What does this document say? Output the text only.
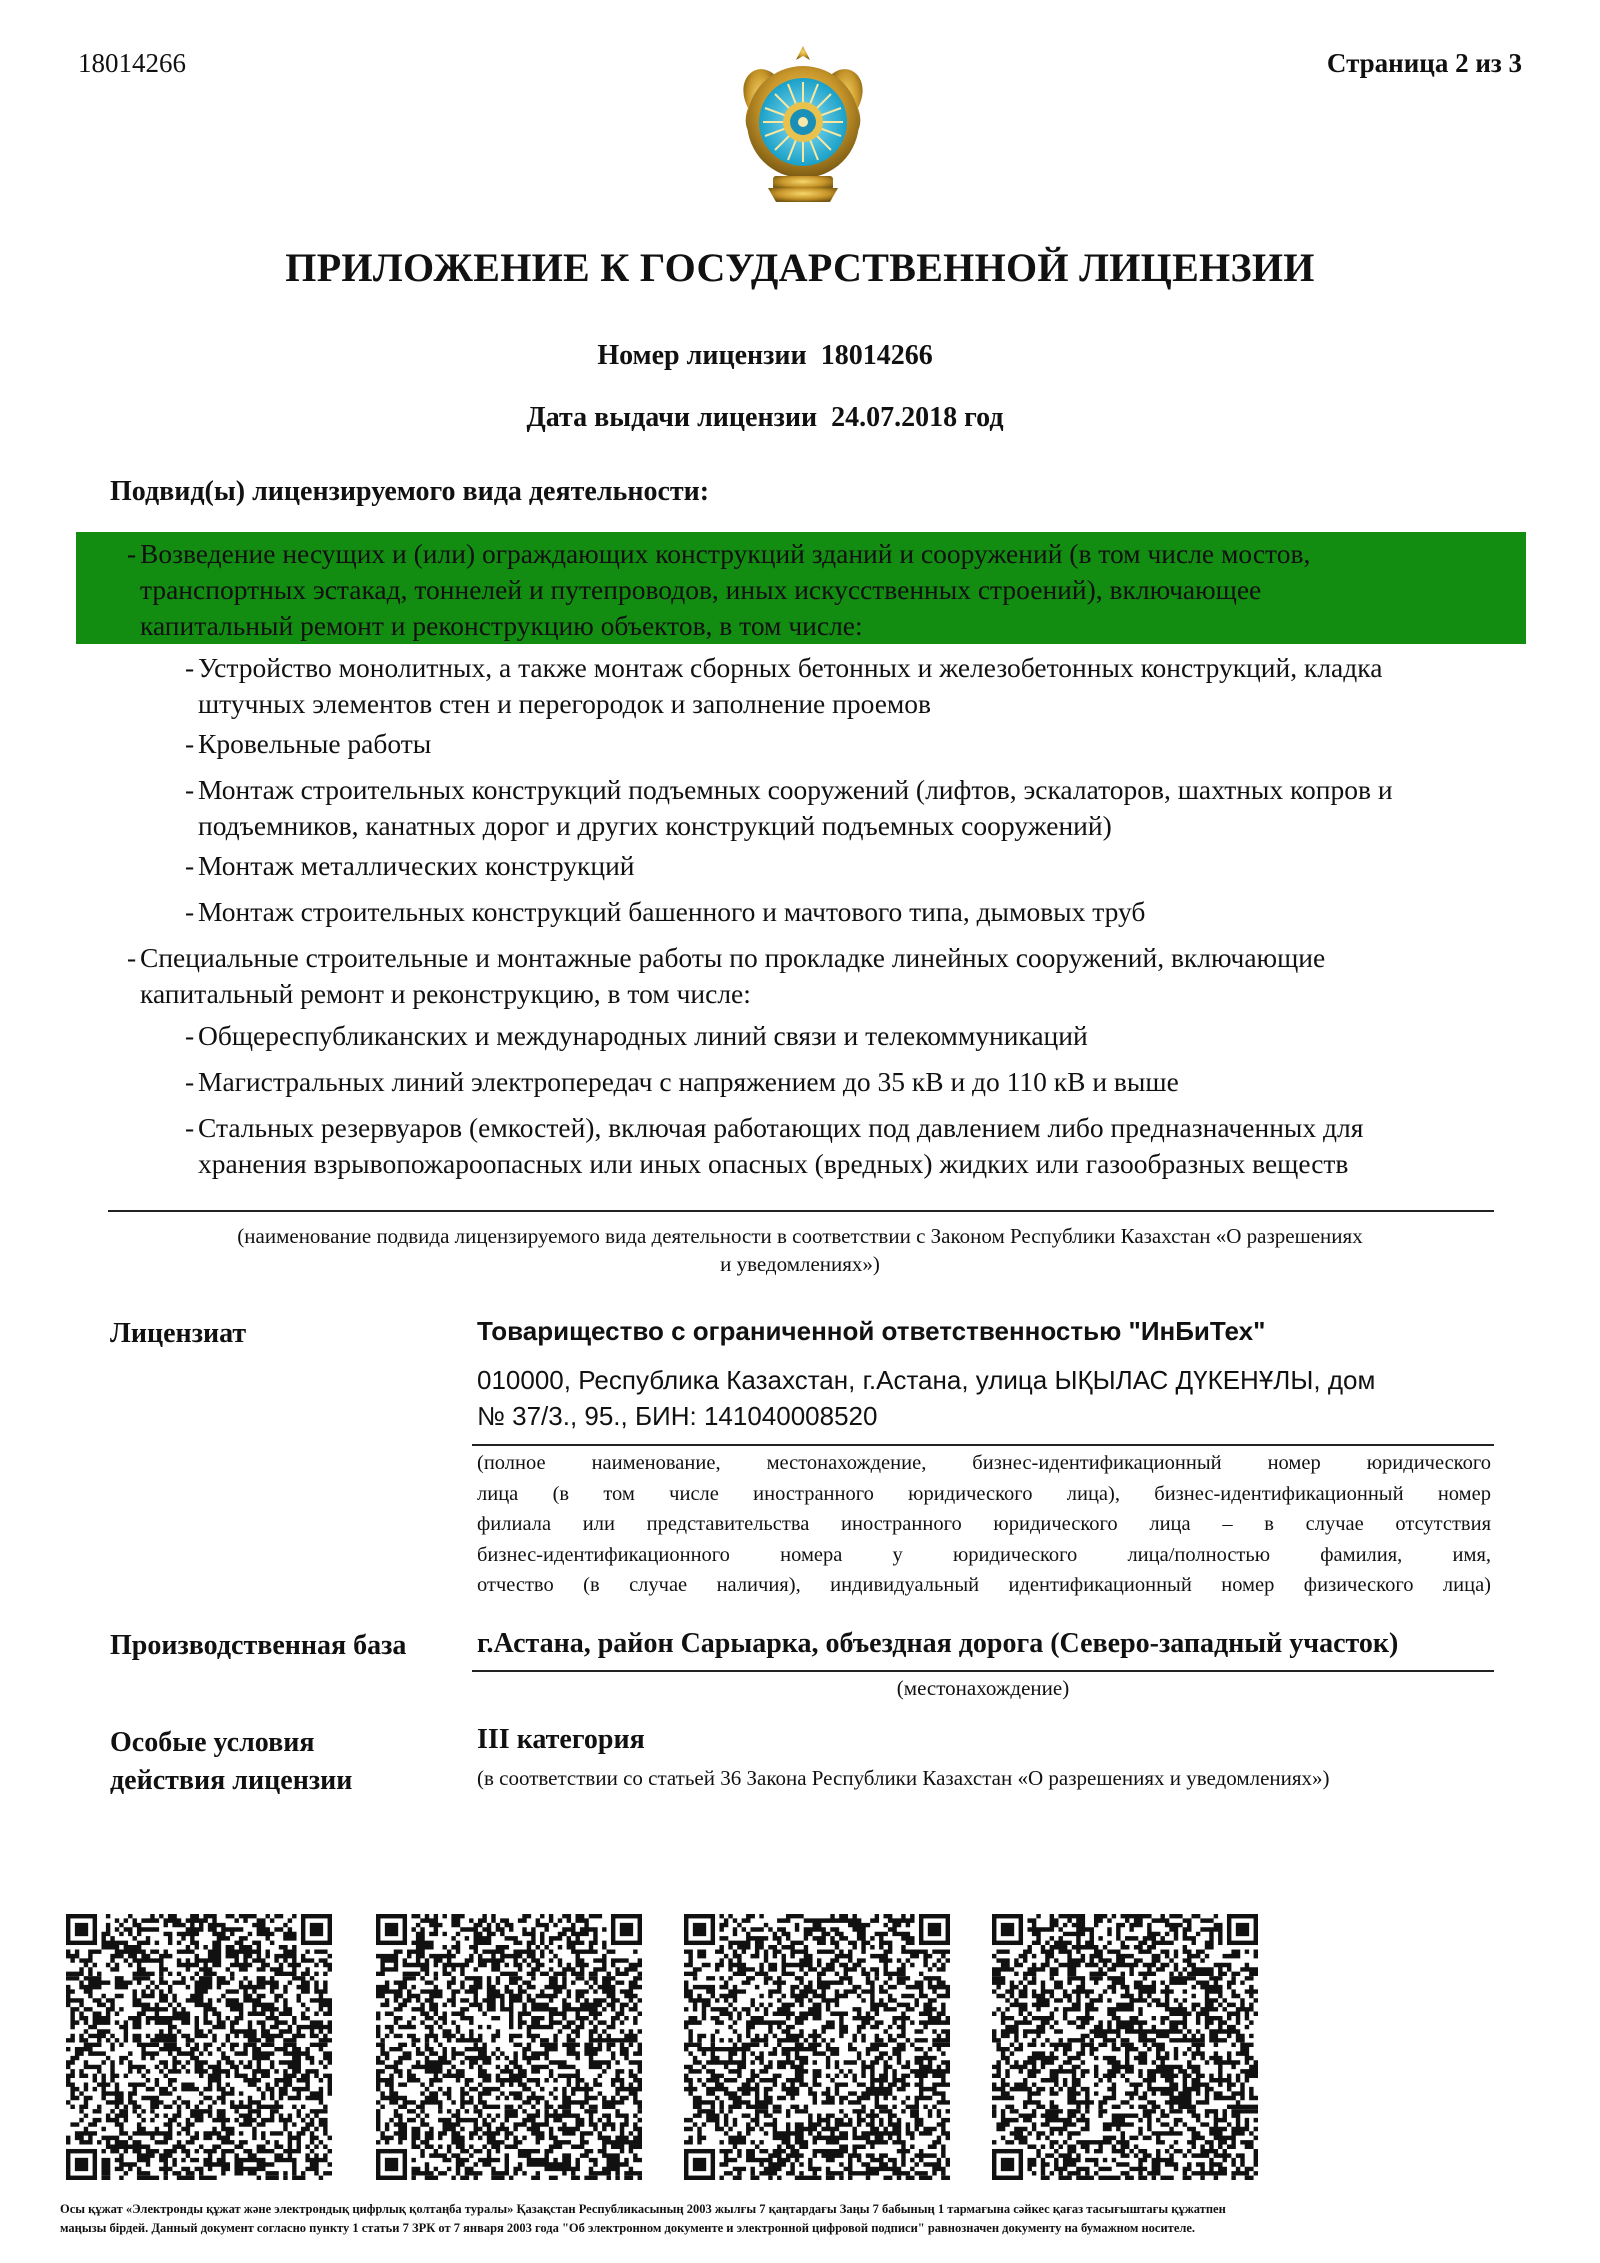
18014266	Страница 2 из 3
ПРИЛОЖЕНИЕ К ГОСУДАРСТВЕННОЙ ЛИЦЕНЗИИ
Номер лицензии 18014266
Дата выдачи лицензии 24.07.2018 год
Подвид(ы) лицензируемого вида деятельности:
- Возведение несущих и (или) ограждающих конструкций зданий и сооружений (в том числе мостов,
транспортных эстакад, тоннелей и путепроводов, иных искусственных строений), включающее
капитальный ремонт и реконструкцию объектов, в том числе:
- Устройство монолитных, а также монтаж сборных бетонных и железобетонных конструкций, кладка
штучных элементов стен и перегородок и заполнение проемов
- Кровельные работы
- Монтаж строительных конструкций подъемных сооружений (лифтов, эскалаторов, шахтных копров и
подъемников, канатных дорог и других конструкций подъемных сооружений)
- Монтаж металлических конструкций
- Монтаж строительных конструкций башенного и мачтового типа, дымовых труб
- Специальные строительные и монтажные работы по прокладке линейных сооружений, включающие
капитальный ремонт и реконструкцию, в том числе:
- Общереспубликанских и международных линий связи и телекоммуникаций
- Магистральных линий электропередач с напряжением до 35 кВ и до 110 кВ и выше
- Стальных резервуаров (емкостей), включая работающих под давлением либо предназначенных для
хранения взрывопожароопасных или иных опасных (вредных) жидких или газообразных веществ
(наименование подвида лицензируемого вида деятельности в соответствии с Законом Республики Казахстан «О разрешениях
и уведомлениях»)
Лицензиат	Товарищество с ограниченной ответственностью "ИнБиТех"
010000, Республика Казахстан, г.Астана, улица ЫҚЫЛАС ДҮКЕНҰЛЫ, дом
№ 37/3., 95., БИН: 141040008520
(полное наименование, местонахождение, бизнес-идентификационный номер юридического
лица (в том числе иностранного юридического лица), бизнес-идентификационный номер
филиала или представительства иностранного юридического лица – в случае отсутствия
бизнес-идентификационного номера у юридического лица/полностью фамилия, имя,
отчество (в случае наличия), индивидуальный идентификационный номер физического лица)
Производственная база	г.Астана, район Сарыарка, объездная дорога (Северо-западный участок)
(местонахождение)
Особые условия
действия лицензии
III категория
(в соответствии со статьей 36 Закона Республики Казахстан «О разрешениях и уведомлениях»)
Осы құжат «Электронды құжат және электрондық цифрлық қолтаңба туралы» Қазақстан Республикасының 2003 жылғы 7 қаңтардағы Заңы 7 бабының 1 тармағына сәйкес қағаз тасығыштағы құжатпен
маңызы бірдей. Данный документ согласно пункту 1 статьи 7 ЗРК от 7 января 2003 года "Об электронном документе и электронной цифровой подписи" равнозначен документу на бумажном носителе.
